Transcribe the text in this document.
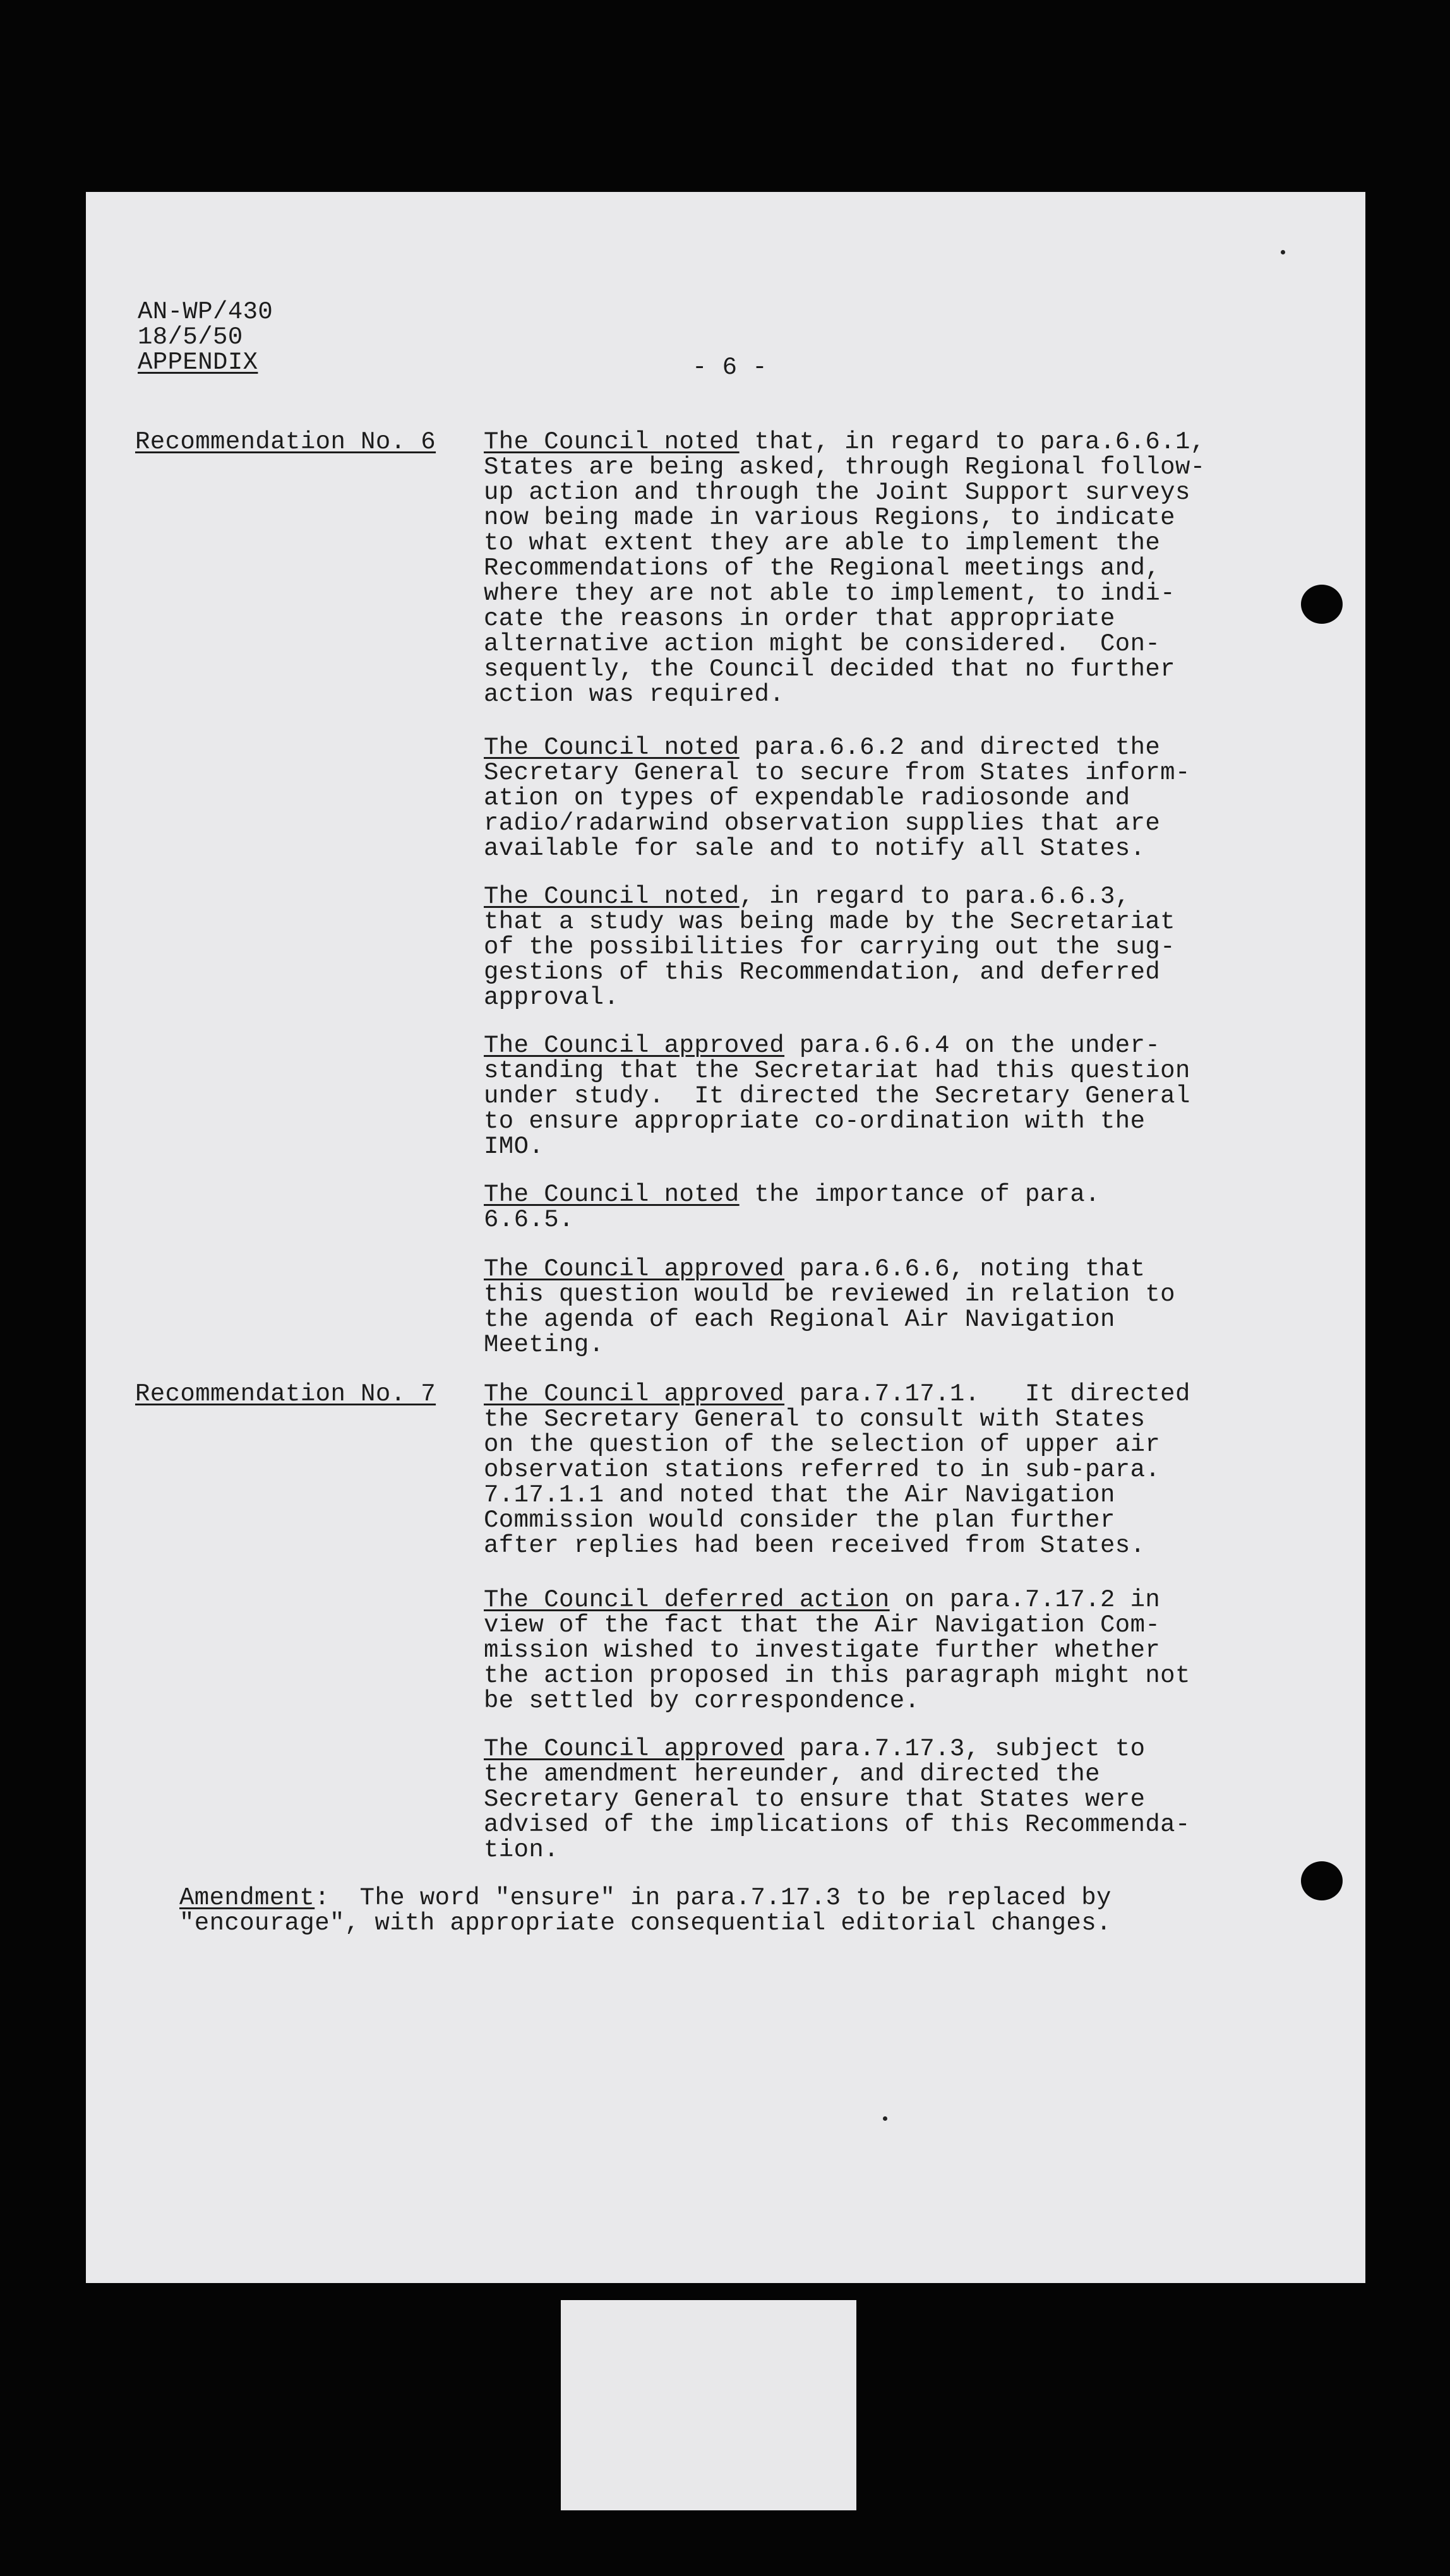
AN-WP/430
18/5/50
APPENDIX	- 6 -
Recommendation No. 6 The Council noted that, in regard to para.6.6.1,
States are being asked, through Regional follow-
up action and through the Joint Support surveys
now being made in various Regions, to indicate
to what extent they are able to implement the
Recommendations of the Regional meetings and,
where they are not able to implement, to indi-
cate the reasons in order that appropriate
alternative action might be considered.  Con-
sequently, the Council decided that no further
action was required.

The Council noted para.6.6.2 and directed the
Secretary General to secure from States inform-
ation on types of expendable radiosonde and
radio/radarwind observation supplies that are
available for sale and to notify all States.

The Council noted, in regard to para.6.6.3,
that a study was being made by the Secretariat
of the possibilities for carrying out the sug-
gestions of this Recommendation, and deferred
approval.

The Council approved para.6.6.4 on the under-
standing that the Secretariat had this question
under study.  It directed the Secretary General
to ensure appropriate co-ordination with the
IMO.

The Council noted the importance of para.
6.6.5.

The Council approved para.6.6.6, noting that
this question would be reviewed in relation to
the agenda of each Regional Air Navigation
Meeting.

Recommendation No. 7 The Council approved para.7.17.1.   It directed
the Secretary General to consult with States
on the question of the selection of upper air
observation stations referred to in sub-para.
7.17.1.1 and noted that the Air Navigation
Commission would consider the plan further
after replies had been received from States.

The Council deferred action on para.7.17.2 in
view of the fact that the Air Navigation Com-
mission wished to investigate further whether
the action proposed in this paragraph might not
be settled by correspondence.

The Council approved para.7.17.3, subject to
the amendment hereunder, and directed the
Secretary General to ensure that States were
advised of the implications of this Recommenda-
tion.

Amendment:  The word "ensure" in para.7.17.3 to be replaced by
"encourage", with appropriate consequential editorial changes.
